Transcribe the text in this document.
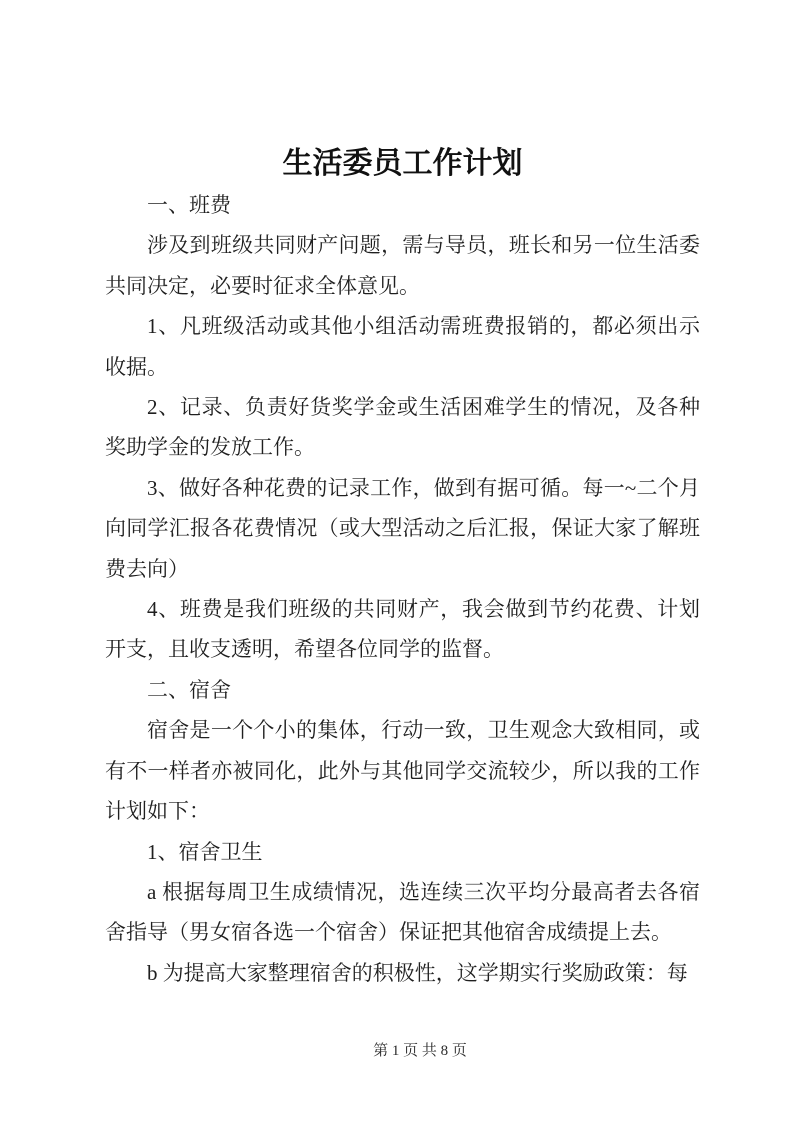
生活委员工作计划

一、班费

涉及到班级共同财产问题，需与导员，班长和另一位生活委共同决定，必要时征求全体意见。

1、凡班级活动或其他小组活动需班费报销的，都必须出示收据。

2、记录、负责好货奖学金或生活困难学生的情况，及各种奖助学金的发放工作。

3、做好各种花费的记录工作，做到有据可循。每一~二个月向同学汇报各花费情况（或大型活动之后汇报，保证大家了解班费去向）

4、班费是我们班级的共同财产，我会做到节约花费、计划开支，且收支透明，希望各位同学的监督。

二、宿舍

宿舍是一个个小的集体，行动一致，卫生观念大致相同，或有不一样者亦被同化，此外与其他同学交流较少，所以我的工作计划如下：

1、宿舍卫生

a 根据每周卫生成绩情况，选连续三次平均分最高者去各宿舍指导（男女宿各选一个宿舍）保证把其他宿舍成绩提上去。

b 为提高大家整理宿舍的积极性，这学期实行奖励政策：每

第 1 页 共 8 页
